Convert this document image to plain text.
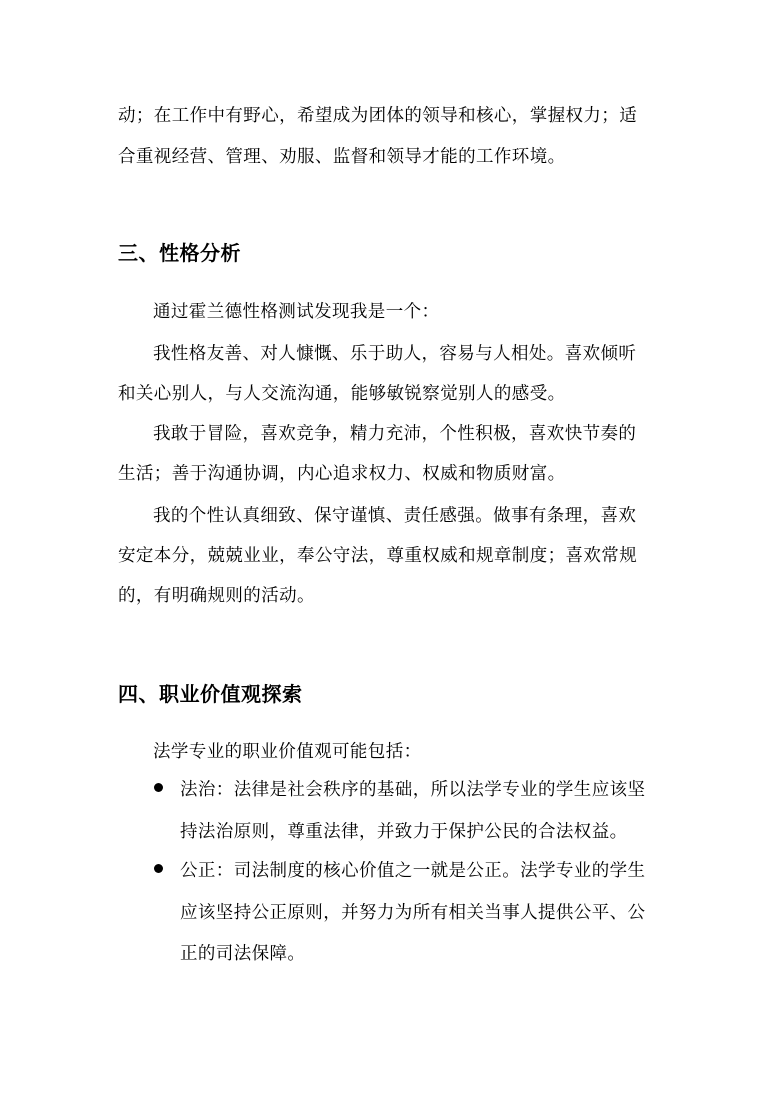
动；在工作中有野心，希望成为团体的领导和核心，掌握权力；适
合重视经营、管理、劝服、监督和领导才能的工作环境。
三、性格分析
通过霍兰德性格测试发现我是一个：
我性格友善、对人慷慨、乐于助人，容易与人相处。喜欢倾听
和关心别人，与人交流沟通，能够敏锐察觉别人的感受。
我敢于冒险，喜欢竞争，精力充沛，个性积极，喜欢快节奏的
生活；善于沟通协调，内心追求权力、权威和物质财富。
我的个性认真细致、保守谨慎、责任感强。做事有条理，喜欢
安定本分，兢兢业业，奉公守法，尊重权威和规章制度；喜欢常规
的，有明确规则的活动。
四、职业价值观探索
法学专业的职业价值观可能包括：
法治：法律是社会秩序的基础，所以法学专业的学生应该坚
持法治原则，尊重法律，并致力于保护公民的合法权益。
公正：司法制度的核心价值之一就是公正。法学专业的学生
应该坚持公正原则，并努力为所有相关当事人提供公平、公
正的司法保障。
